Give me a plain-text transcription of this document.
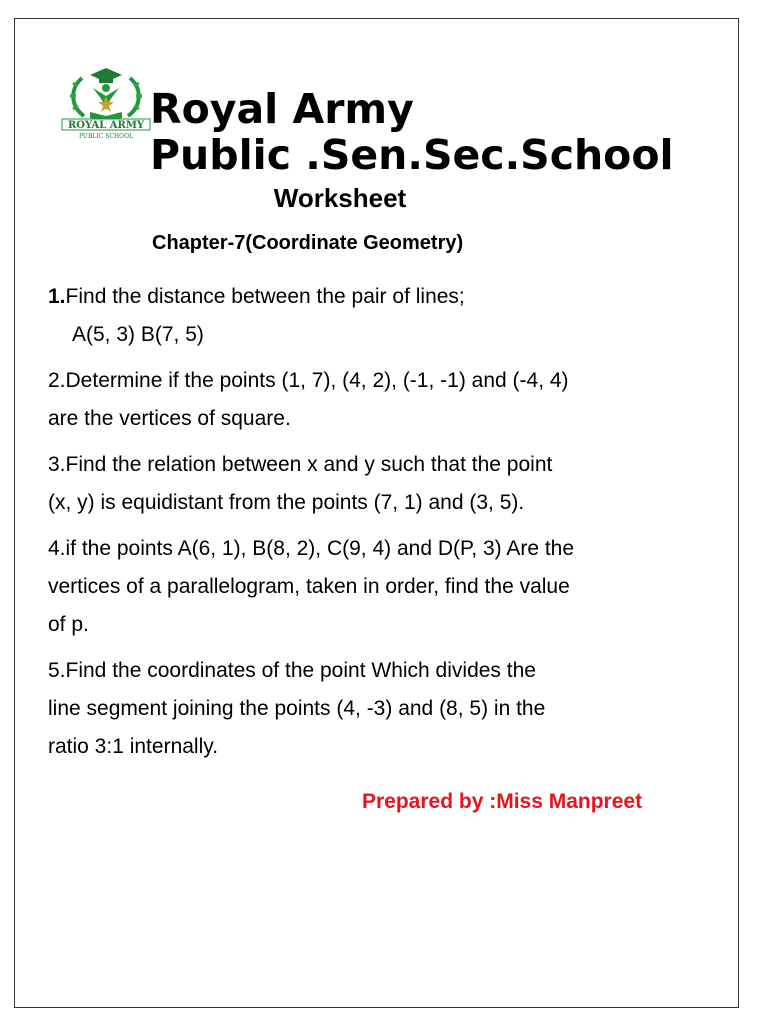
ROYAL ARMY
PUBLIC SCHOOL
Royal Army
Public .Sen.Sec.School
Worksheet
Chapter-7(Coordinate Geometry)
1.Find the distance between the pair of lines;
A(5, 3) B(7, 5)
2.Determine if the points (1, 7), (4, 2), (-1, -1) and (-4, 4)
are the vertices of square.
3.Find the relation between x and y such that the point
(x, y) is equidistant from the points (7, 1) and (3, 5).
4.if the points A(6, 1), B(8, 2), C(9, 4) and D(P, 3) Are the
vertices of a parallelogram, taken in order, find the value
of p.
5.Find the coordinates of the point Which divides the
line segment joining the points (4, -3) and (8, 5) in the
ratio 3:1 internally.
Prepared by :Miss Manpreet
